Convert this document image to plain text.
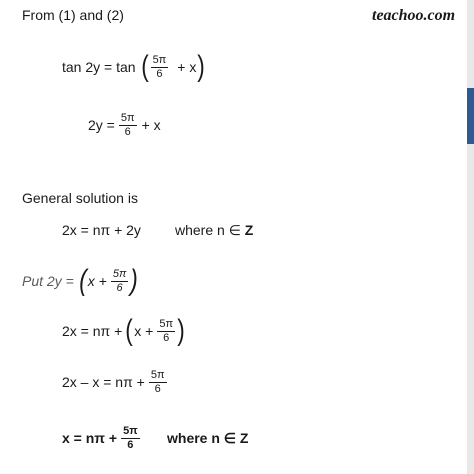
teachoo.com
From (1) and (2)
tan 2y = tan ( $\frac{5\pi}{6} + x$ )
$2y = \frac{5\pi}{6} + x$
General solution is
2x = nπ + 2y where n ∈ Z
Put 2y = ( $x + \frac{5\pi}{6}$ )
2x = nπ + ( $x + \frac{5\pi}{6}$ )
$2x - x = n\pi + \frac{5\pi}{6}$
$x = n\pi + \frac{5\pi}{6}$ where n ∈ Z
